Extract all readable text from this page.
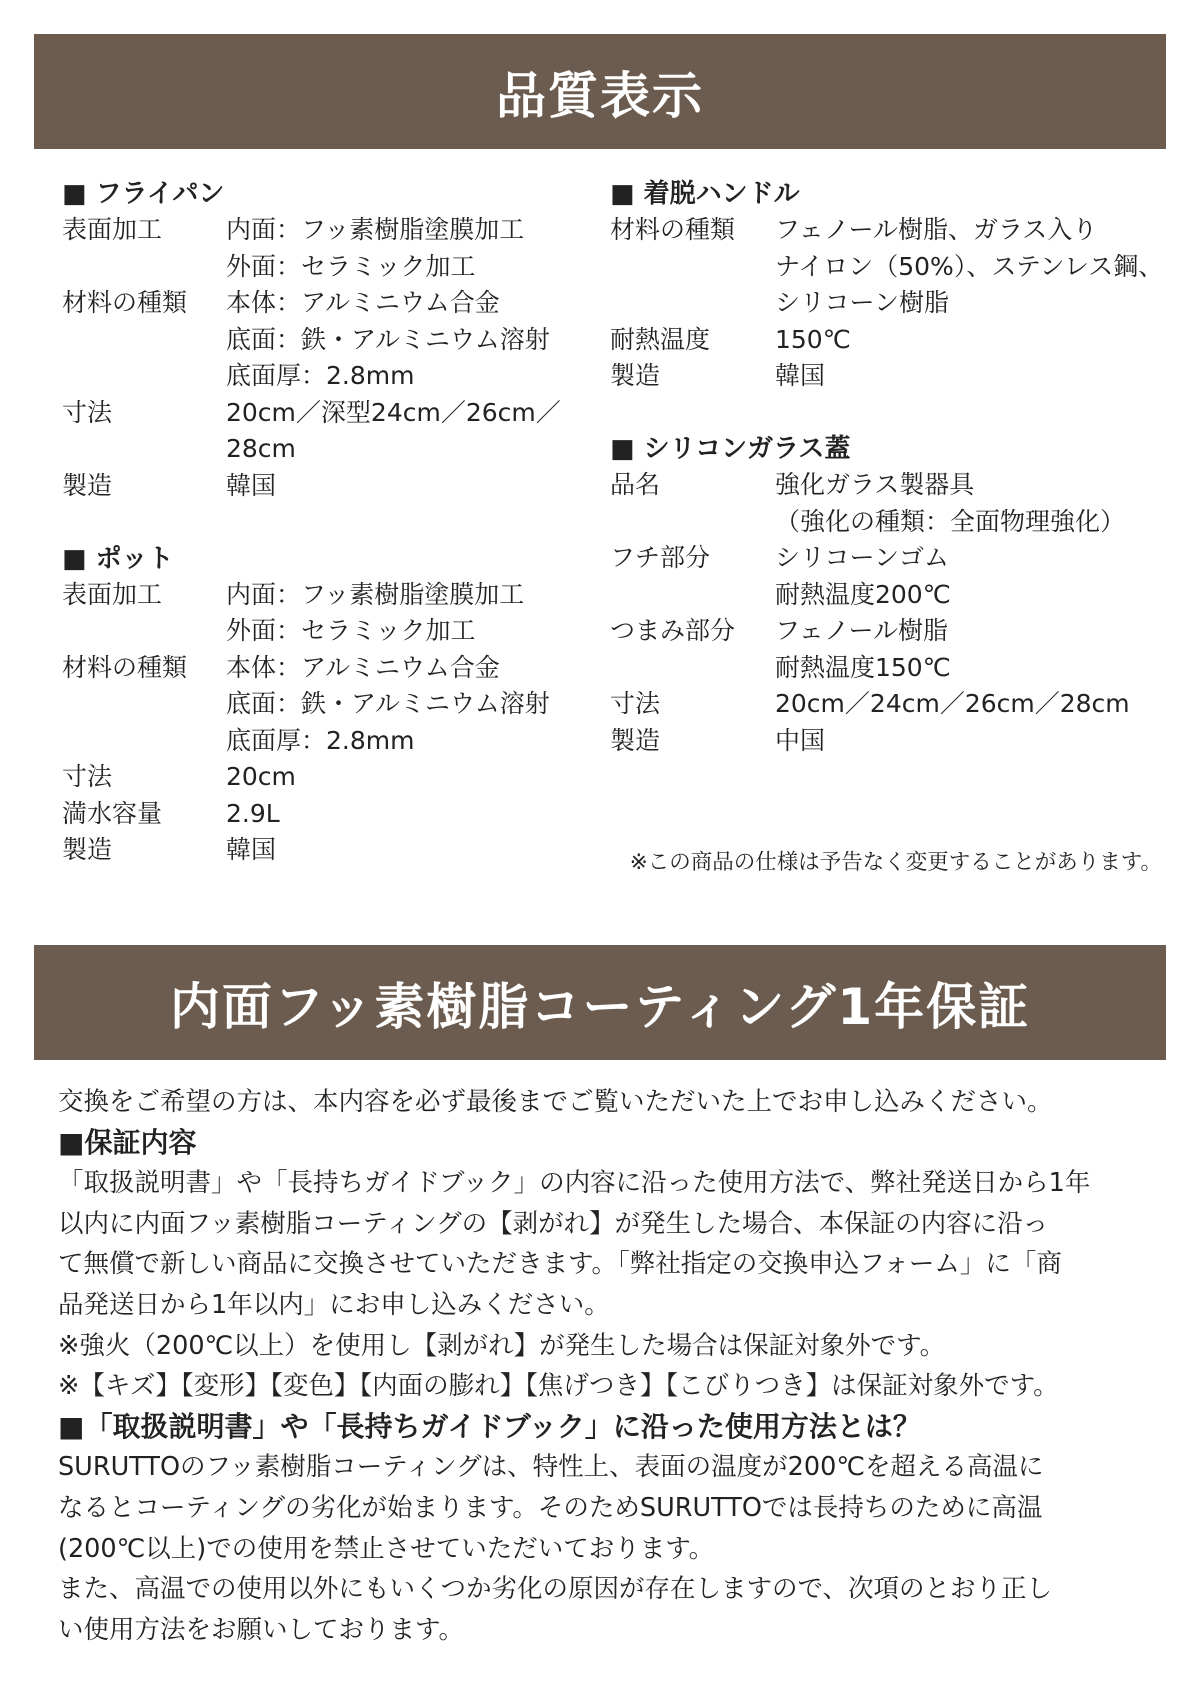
品質表示
■ フライパン
表面加工	内面：フッ素樹脂塗膜加工
外面：セラミック加工
材料の種類	本体：アルミニウム合金
底面：鉄・アルミニウム溶射
底面厚：2.8mm
寸法	20cm／深型24cm／26cm／
28cm
製造	韓国
■ ポット
表面加工	内面：フッ素樹脂塗膜加工
外面：セラミック加工
材料の種類	本体：アルミニウム合金
底面：鉄・アルミニウム溶射
底面厚：2.8mm
寸法	20cm
満水容量	2.9L
製造	韓国
■ 着脱ハンドル
材料の種類	フェノール樹脂、ガラス入り
ナイロン（50%）、ステンレス鋼、
シリコーン樹脂
耐熱温度	150℃
製造	韓国
■ シリコンガラス蓋
品名	強化ガラス製器具
（強化の種類：全面物理強化）
フチ部分	シリコーンゴム
耐熱温度200℃
つまみ部分	フェノール樹脂
耐熱温度150℃
寸法	20cm／24cm／26cm／28cm
製造	中国
※この商品の仕様は予告なく変更することがあります。
内面フッ素樹脂コーティング1年保証
交換をご希望の方は、本内容を必ず最後までご覧いただいた上でお申し込みください。
■保証内容
「取扱説明書」や「長持ちガイドブック」の内容に沿った使用方法で、弊社発送日から1年
以内に内面フッ素樹脂コーティングの【剥がれ】が発生した場合、本保証の内容に沿っ
て無償で新しい商品に交換させていただきます。「弊社指定の交換申込フォーム」に「商
品発送日から1年以内」にお申し込みください。
※強火（200℃以上）を使用し【剥がれ】が発生した場合は保証対象外です。
※【キズ】【変形】【変色】【内面の膨れ】【焦げつき】【こびりつき】は保証対象外です。
■「取扱説明書」や「長持ちガイドブック」に沿った使用方法とは？
SURUTTOのフッ素樹脂コーティングは、特性上、表面の温度が200℃を超える高温に
なるとコーティングの劣化が始まります。そのためSURUTTOでは長持ちのために高温
(200℃以上)での使用を禁止させていただいております。
また、高温での使用以外にもいくつか劣化の原因が存在しますので、次項のとおり正し
い使用方法をお願いしております。
